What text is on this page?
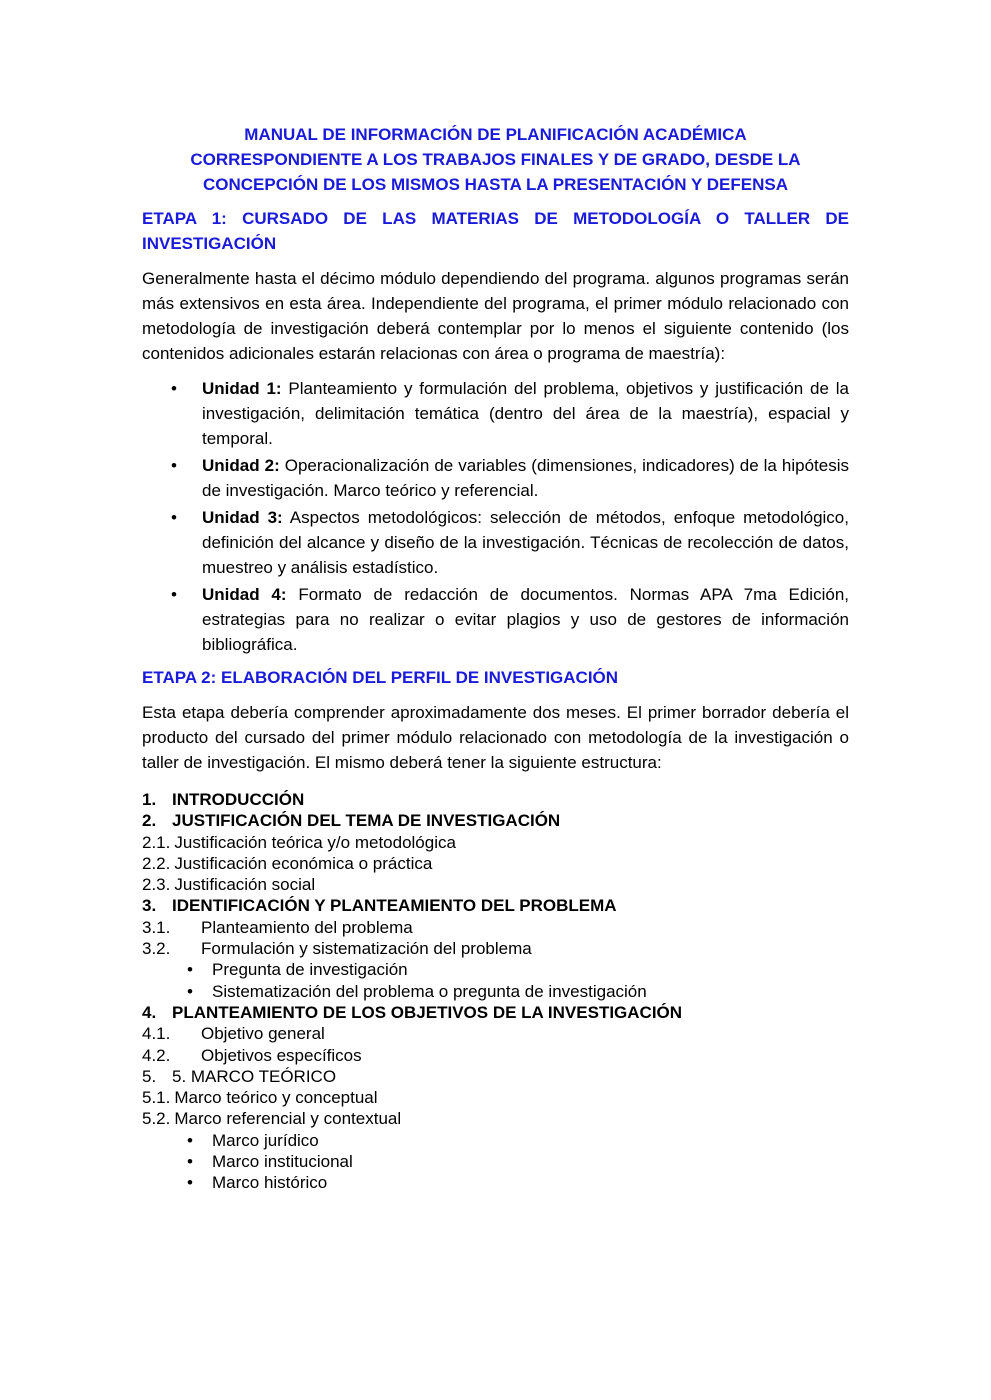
MANUAL DE INFORMACIÓN DE PLANIFICACIÓN ACADÉMICA
CORRESPONDIENTE A LOS TRABAJOS FINALES Y DE GRADO, DESDE LA
CONCEPCIÓN DE LOS MISMOS HASTA LA PRESENTACIÓN Y DEFENSA
ETAPA 1: CURSADO DE LAS MATERIAS DE METODOLOGÍA O TALLER DE INVESTIGACIÓN

Generalmente hasta el décimo módulo dependiendo del programa. algunos programas serán más extensivos en esta área. Independiente del programa, el primer módulo relacionado con metodología de investigación deberá contemplar por lo menos el siguiente contenido (los contenidos adicionales estarán relacionas con área o programa de maestría):

• Unidad 1: Planteamiento y formulación del problema, objetivos y justificación de la investigación, delimitación temática (dentro del área de la maestría), espacial y temporal.
• Unidad 2: Operacionalización de variables (dimensiones, indicadores) de la hipótesis de investigación. Marco teórico y referencial.
• Unidad 3: Aspectos metodológicos: selección de métodos, enfoque metodológico, definición del alcance y diseño de la investigación. Técnicas de recolección de datos, muestreo y análisis estadístico.
• Unidad 4: Formato de redacción de documentos. Normas APA 7ma Edición, estrategias para no realizar o evitar plagios y uso de gestores de información bibliográfica.
ETAPA 2: ELABORACIÓN DEL PERFIL DE INVESTIGACIÓN

Esta etapa debería comprender aproximadamente dos meses. El primer borrador debería el producto del cursado del primer módulo relacionado con metodología de la investigación o taller de investigación. El mismo deberá tener la siguiente estructura:

1. INTRODUCCIÓN
2. JUSTIFICACIÓN DEL TEMA DE INVESTIGACIÓN
2.1. Justificación teórica y/o metodológica
2.2. Justificación económica o práctica
2.3. Justificación social
3. IDENTIFICACIÓN Y PLANTEAMIENTO DEL PROBLEMA
3.1. Planteamiento del problema
3.2. Formulación y sistematización del problema
• Pregunta de investigación
• Sistematización del problema o pregunta de investigación
4. PLANTEAMIENTO DE LOS OBJETIVOS DE LA INVESTIGACIÓN
4.1. Objetivo general
4.2. Objetivos específicos
5. 5. MARCO TEÓRICO
5.1. Marco teórico y conceptual
5.2. Marco referencial y contextual
• Marco jurídico
• Marco institucional
• Marco histórico
